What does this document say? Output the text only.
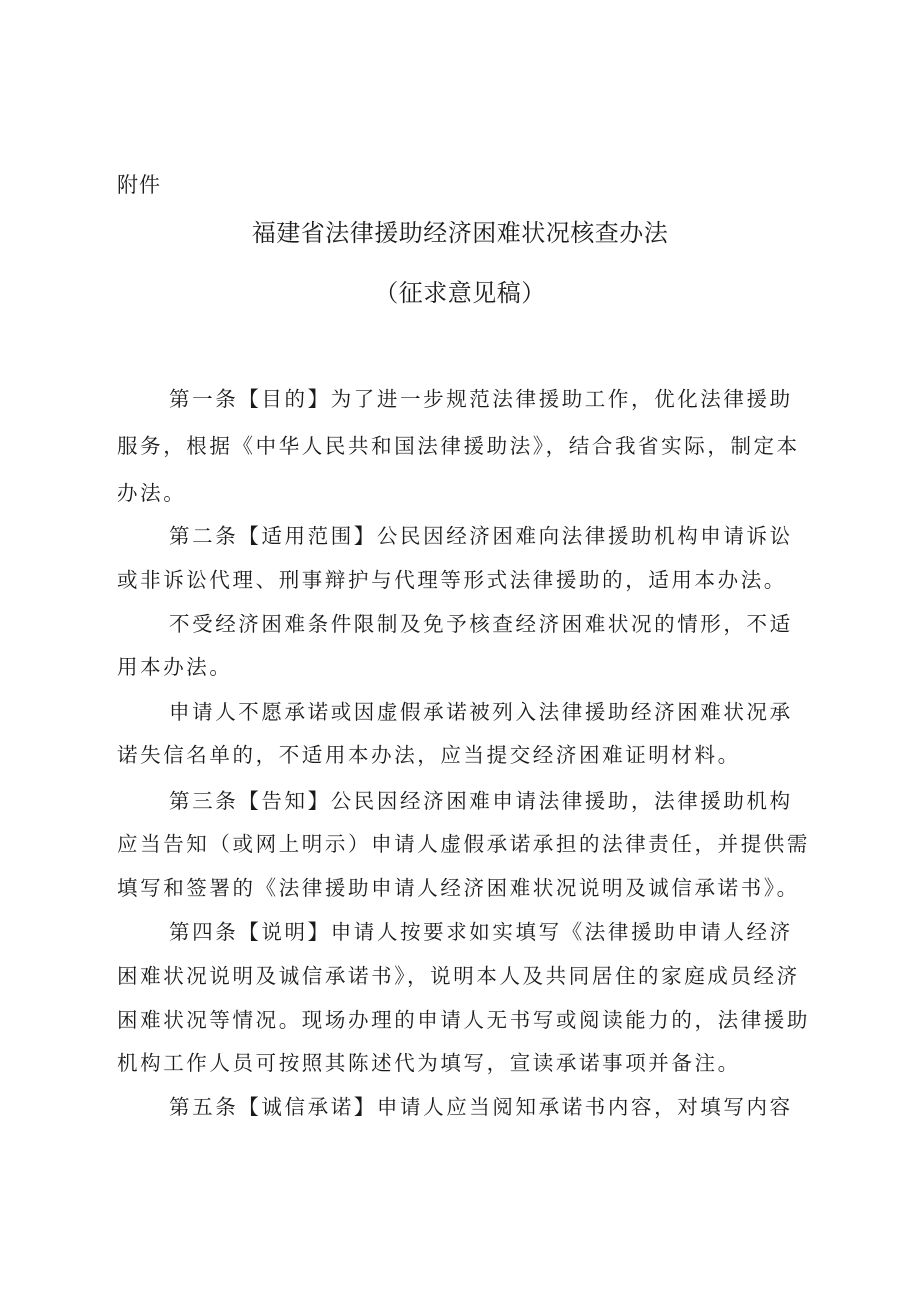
附件
福建省法律援助经济困难状况核查办法
（征求意见稿）
第一条【目的】为了进一步规范法律援助工作，优化法律援助
服务，根据《中华人民共和国法律援助法》，结合我省实际，制定本
办法。
第二条【适用范围】公民因经济困难向法律援助机构申请诉讼
或非诉讼代理、刑事辩护与代理等形式法律援助的，适用本办法。
不受经济困难条件限制及免予核查经济困难状况的情形，不适
用本办法。
申请人不愿承诺或因虚假承诺被列入法律援助经济困难状况承
诺失信名单的，不适用本办法，应当提交经济困难证明材料。
第三条【告知】公民因经济困难申请法律援助，法律援助机构
应当告知（或网上明示）申请人虚假承诺承担的法律责任，并提供需
填写和签署的《法律援助申请人经济困难状况说明及诚信承诺书》。
第四条【说明】申请人按要求如实填写《法律援助申请人经济
困难状况说明及诚信承诺书》，说明本人及共同居住的家庭成员经济
困难状况等情况。现场办理的申请人无书写或阅读能力的，法律援助
机构工作人员可按照其陈述代为填写，宣读承诺事项并备注。
第五条【诚信承诺】申请人应当阅知承诺书内容，对填写内容
